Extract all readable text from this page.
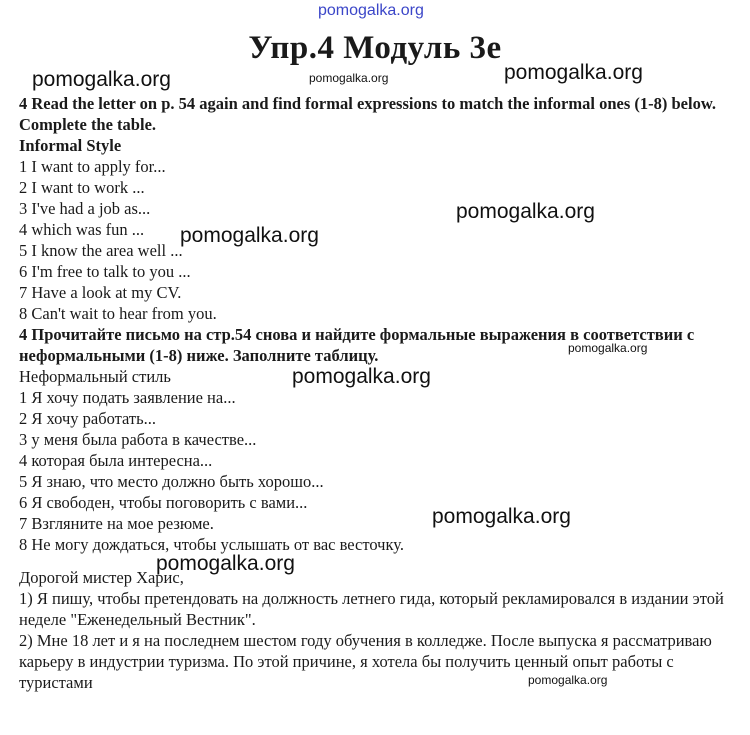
pomogalka.org
Упр.4 Модуль 3е
pomogalka.org	pomogalka.org	pomogalka.org
4 Read the letter on p. 54 again and find formal expressions to match the informal ones (1-8) below. Complete the table.
Informal Style
1 I want to apply for...
2 I want to work ...
3 I've had a job as...
4 which was fun ...
5 I know the area well ...
6 I'm free to talk to you ...
7 Have a look at my CV.
8 Can't wait to hear from you.
4 Прочитайте письмо на стр.54 снова и найдите формальные выражения в соответствии с неформальными (1-8) ниже. Заполните таблицу.
Неформальный стиль
1 Я хочу подать заявление на...
2 Я хочу работать...
3 у меня была работа в качестве...
4 которая была интересна...
5 Я знаю, что место должно быть хорошо...
6 Я свободен, чтобы поговорить с вами...
7 Взгляните на мое резюме.
8 Не могу дождаться, чтобы услышать от вас весточку.
Дорогой мистер Харис,
1) Я пишу, чтобы претендовать на должность летнего гида, который рекламировался в издании этой неделе "Еженедельный Вестник".
2) Мне 18 лет и я на последнем шестом году обучения в колледже. После выпуска я рассматриваю карьеру в индустрии туризма. По этой причине, я хотела бы получить ценный опыт работы с туристами
pomogalka.org
pomogalka.org
pomogalka.org
pomogalka.org
pomogalka.org
pomogalka.org
pomogalka.org
